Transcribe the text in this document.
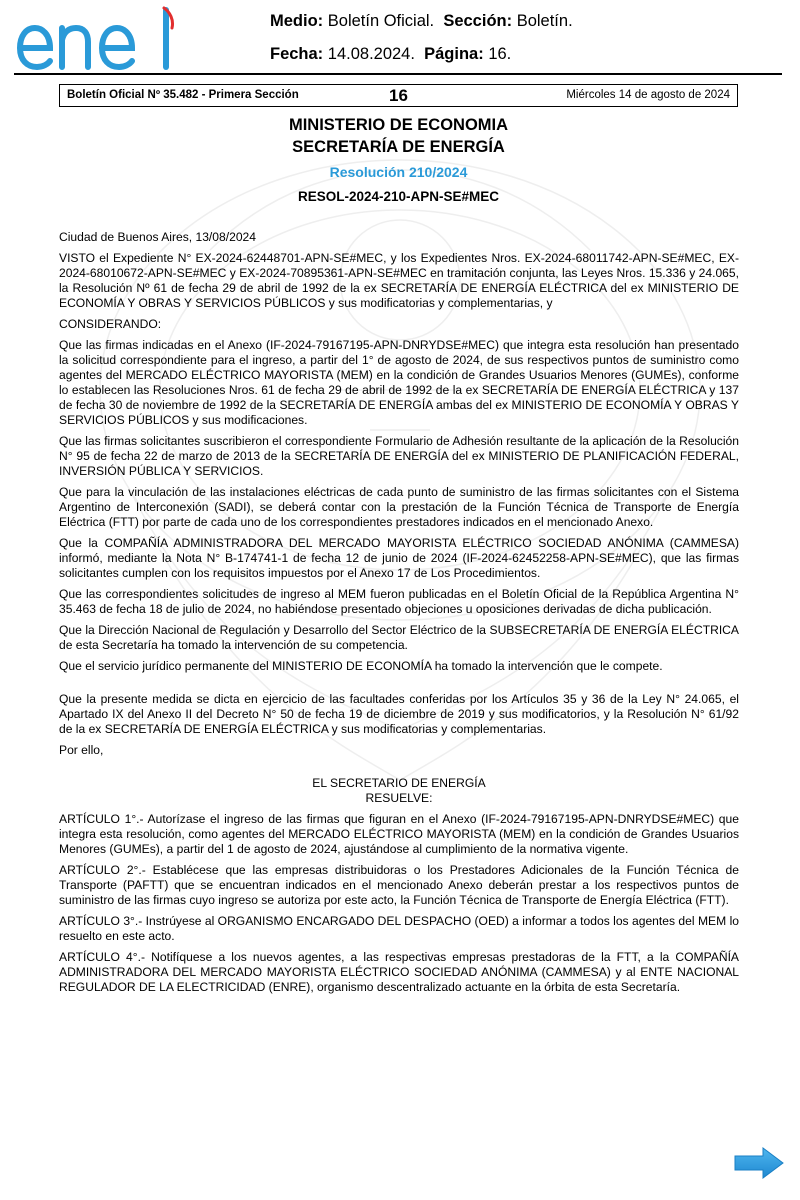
Medio: Boletín Oficial. Sección: Boletín.
Fecha: 14.08.2024. Página: 16.
16
Boletín Oficial Nº 35.482 - Primera Sección	Miércoles 14 de agosto de 2024
MINISTERIO DE ECONOMIA
SECRETARÍA DE ENERGÍA
Resolución 210/2024
RESOL-2024-210-APN-SE#MEC

Ciudad de Buenos Aires, 13/08/2024

VISTO el Expediente N° EX-2024-62448701-APN-SE#MEC, y los Expedientes Nros. EX-2024-68011742-APN-SE#MEC, EX-2024-68010672-APN-SE#MEC y EX-2024-70895361-APN-SE#MEC en tramitación conjunta, las Leyes Nros. 15.336 y 24.065, la Resolución Nº 61 de fecha 29 de abril de 1992 de la ex SECRETARÍA DE ENERGÍA ELÉCTRICA del ex MINISTERIO DE ECONOMÍA Y OBRAS Y SERVICIOS PÚBLICOS y sus modificatorias y complementarias, y

CONSIDERANDO:

Que las firmas indicadas en el Anexo (IF-2024-79167195-APN-DNRYDSE#MEC) que integra esta resolución han presentado la solicitud correspondiente para el ingreso, a partir del 1° de agosto de 2024, de sus respectivos puntos de suministro como agentes del MERCADO ELÉCTRICO MAYORISTA (MEM) en la condición de Grandes Usuarios Menores (GUMEs), conforme lo establecen las Resoluciones Nros. 61 de fecha 29 de abril de 1992 de la ex SECRETARÍA DE ENERGÍA ELÉCTRICA y 137 de fecha 30 de noviembre de 1992 de la SECRETARÍA DE ENERGÍA ambas del ex MINISTERIO DE ECONOMÍA Y OBRAS Y SERVICIOS PÚBLICOS y sus modificaciones.

Que las firmas solicitantes suscribieron el correspondiente Formulario de Adhesión resultante de la aplicación de la Resolución N° 95 de fecha 22 de marzo de 2013 de la SECRETARÍA DE ENERGÍA del ex MINISTERIO DE PLANIFICACIÓN FEDERAL, INVERSIÓN PÚBLICA Y SERVICIOS.

Que para la vinculación de las instalaciones eléctricas de cada punto de suministro de las firmas solicitantes con el Sistema Argentino de Interconexión (SADI), se deberá contar con la prestación de la Función Técnica de Transporte de Energía Eléctrica (FTT) por parte de cada uno de los correspondientes prestadores indicados en el mencionado Anexo.

Que la COMPAÑÍA ADMINISTRADORA DEL MERCADO MAYORISTA ELÉCTRICO SOCIEDAD ANÓNIMA (CAMMESA) informó, mediante la Nota N° B-174741-1 de fecha 12 de junio de 2024 (IF-2024-62452258-APN-SE#MEC), que las firmas solicitantes cumplen con los requisitos impuestos por el Anexo 17 de Los Procedimientos.

Que las correspondientes solicitudes de ingreso al MEM fueron publicadas en el Boletín Oficial de la República Argentina N° 35.463 de fecha 18 de julio de 2024, no habiéndose presentado objeciones u oposiciones derivadas de dicha publicación.

Que la Dirección Nacional de Regulación y Desarrollo del Sector Eléctrico de la SUBSECRETARÍA DE ENERGÍA ELÉCTRICA de esta Secretaría ha tomado la intervención de su competencia.

Que el servicio jurídico permanente del MINISTERIO DE ECONOMÍA ha tomado la intervención que le compete.

Que la presente medida se dicta en ejercicio de las facultades conferidas por los Artículos 35 y 36 de la Ley N° 24.065, el Apartado IX del Anexo II del Decreto N° 50 de fecha 19 de diciembre de 2019 y sus modificatorios, y la Resolución N° 61/92 de la ex SECRETARÍA DE ENERGÍA ELÉCTRICA y sus modificatorias y complementarias.

Por ello,

EL SECRETARIO DE ENERGÍA
RESUELVE:

ARTÍCULO 1°.- Autorízase el ingreso de las firmas que figuran en el Anexo (IF-2024-79167195-APN-DNRYDSE#MEC) que integra esta resolución, como agentes del MERCADO ELÉCTRICO MAYORISTA (MEM) en la condición de Grandes Usuarios Menores (GUMEs), a partir del 1 de agosto de 2024, ajustándose al cumplimiento de la normativa vigente.

ARTÍCULO 2°.- Establécese que las empresas distribuidoras o los Prestadores Adicionales de la Función Técnica de Transporte (PAFTT) que se encuentran indicados en el mencionado Anexo deberán prestar a los respectivos puntos de suministro de las firmas cuyo ingreso se autoriza por este acto, la Función Técnica de Transporte de Energía Eléctrica (FTT).

ARTÍCULO 3°.- Instrúyese al ORGANISMO ENCARGADO DEL DESPACHO (OED) a informar a todos los agentes del MEM lo resuelto en este acto.

ARTÍCULO 4°.- Notifíquese a los nuevos agentes, a las respectivas empresas prestadoras de la FTT, a la COMPAÑÍA ADMINISTRADORA DEL MERCADO MAYORISTA ELÉCTRICO SOCIEDAD ANÓNIMA (CAMMESA) y al ENTE NACIONAL REGULADOR DE LA ELECTRICIDAD (ENRE), organismo descentralizado actuante en la órbita de esta Secretaría.
